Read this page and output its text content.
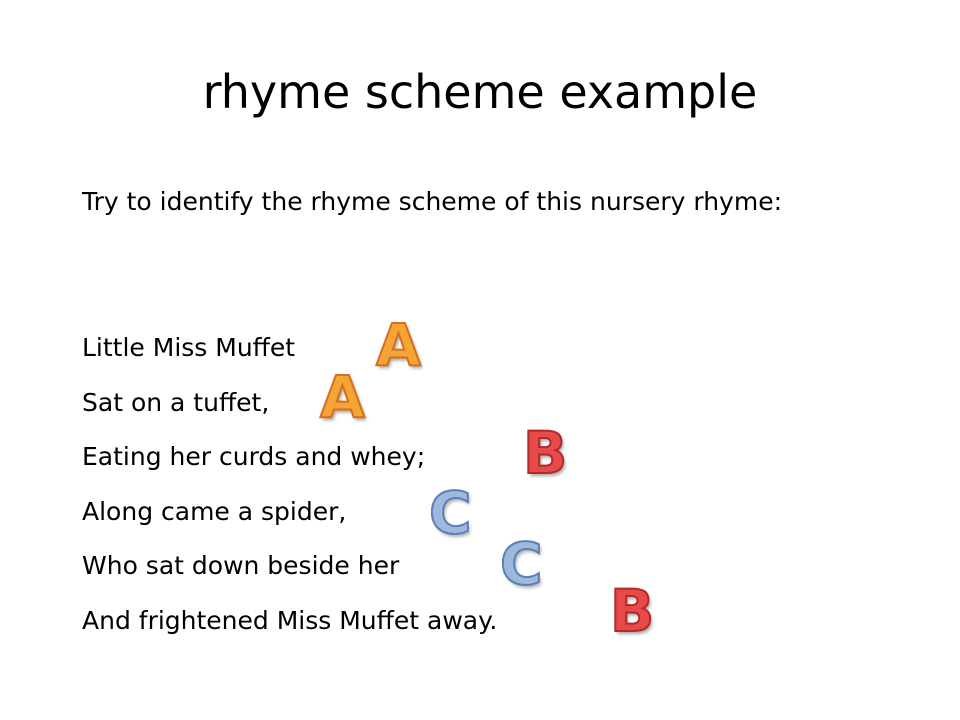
rhyme scheme example
Try to identify the rhyme scheme of this nursery rhyme:
Little Miss Muffet
Sat on a tuffet,
Eating her curds and whey;
Along came a spider,
Who sat down beside her
And frightened Miss Muffet away.
A
A
B
C
C
B
